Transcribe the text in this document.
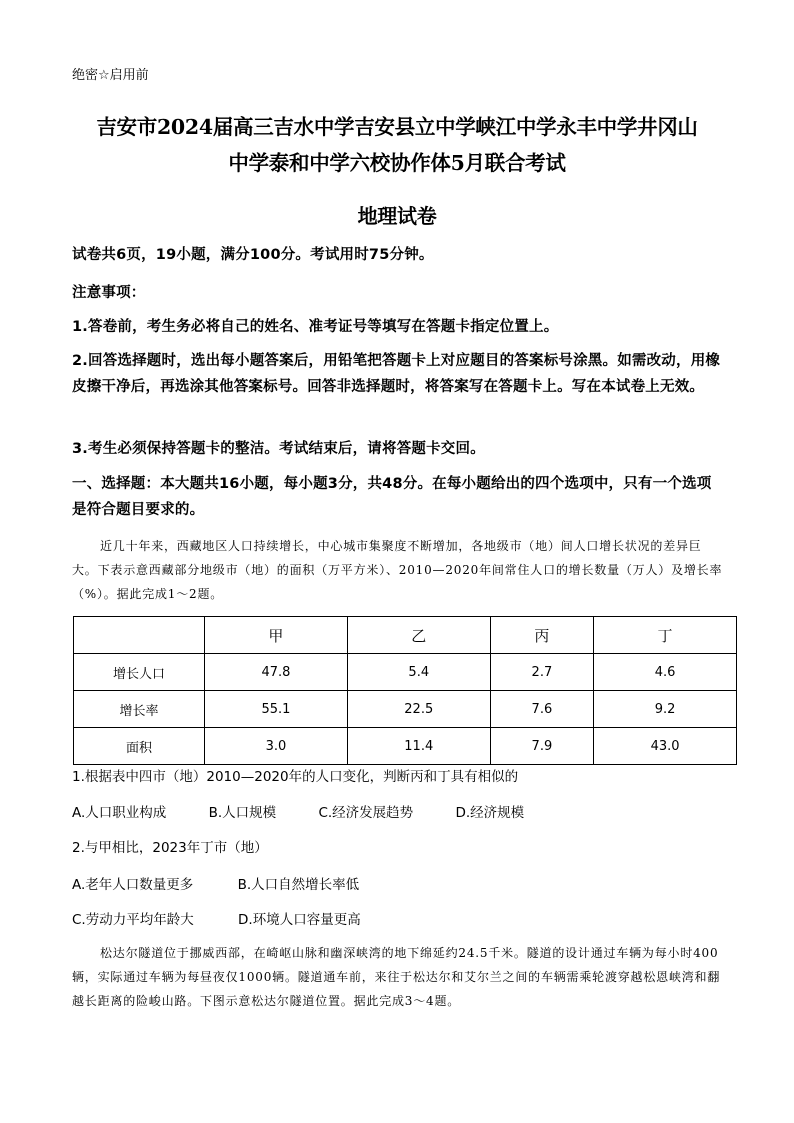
绝密☆启用前
吉安市2024届高三吉水中学吉安县立中学峡江中学永丰中学井冈山
中学泰和中学六校协作体5月联合考试
地理试卷
试卷共6页，19小题，满分100分。考试用时75分钟。
注意事项：
1.答卷前，考生务必将自己的姓名、准考证号等填写在答题卡指定位置上。
2.回答选择题时，选出每小题答案后，用铅笔把答题卡上对应题目的答案标号涂黑。如需改动，用橡皮擦干净后，再选涂其他答案标号。回答非选择题时，将答案写在答题卡上。写在本试卷上无效。
3.考生必须保持答题卡的整洁。考试结束后，请将答题卡交回。
一、选择题：本大题共16小题，每小题3分，共48分。在每小题给出的四个选项中，只有一个选项是符合题目要求的。
近几十年来，西藏地区人口持续增长，中心城市集聚度不断增加，各地级市（地）间人口增长状况的差异巨大。下表示意西藏部分地级市（地）的面积（万平方米）、2010—2020年间常住人口的增长数量（万人）及增长率（%）。据此完成1～2题。
	甲	乙	丙	丁
增长人口	47.8	5.4	2.7	4.6
增长率	55.1	22.5	7.6	9.2
面积	3.0	11.4	7.9	43.0
1.根据表中四市（地）2010—2020年的人口变化，判断丙和丁具有相似的
A.人口职业构成	B.人口规模	C.经济发展趋势	D.经济规模
2.与甲相比，2023年丁市（地）
A.老年人口数量更多	B.人口自然增长率低
C.劳动力平均年龄大	D.环境人口容量更高
松达尔隧道位于挪威西部，在崎岖山脉和幽深峡湾的地下绵延约24.5千米。隧道的设计通过车辆为每小时400辆，实际通过车辆为每昼夜仅1000辆。隧道通车前，来往于松达尔和艾尔兰之间的车辆需乘轮渡穿越松恩峡湾和翻越长距离的险峻山路。下图示意松达尔隧道位置。据此完成3～4题。
